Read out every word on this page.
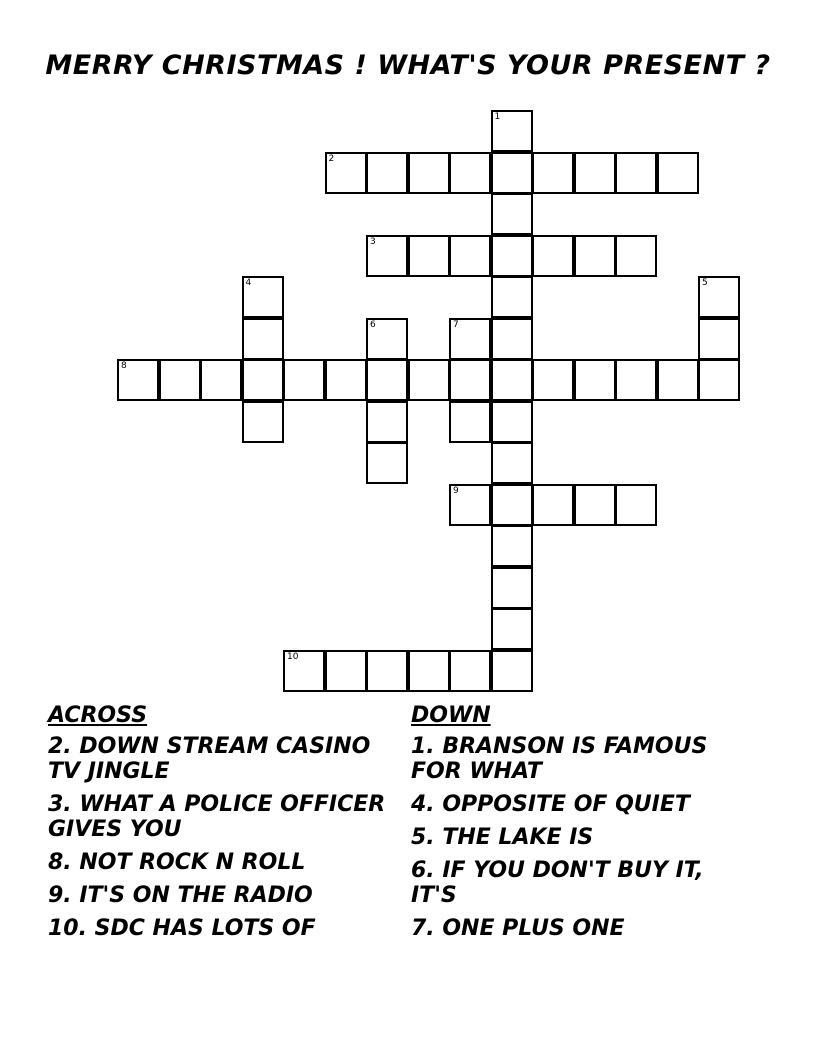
MERRY CHRISTMAS ! WHAT'S YOUR PRESENT ?
1
2
3
4	5
6	7
8
9
10
ACROSS
2. DOWN STREAM CASINO TV JINGLE
3. WHAT A POLICE OFFICER GIVES YOU
8. NOT ROCK N ROLL
9. IT'S ON THE RADIO
10. SDC HAS LOTS OF
DOWN
1. BRANSON IS FAMOUS FOR WHAT
4. OPPOSITE OF QUIET
5. THE LAKE IS
6. IF YOU DON'T BUY IT, IT'S
7. ONE PLUS ONE
